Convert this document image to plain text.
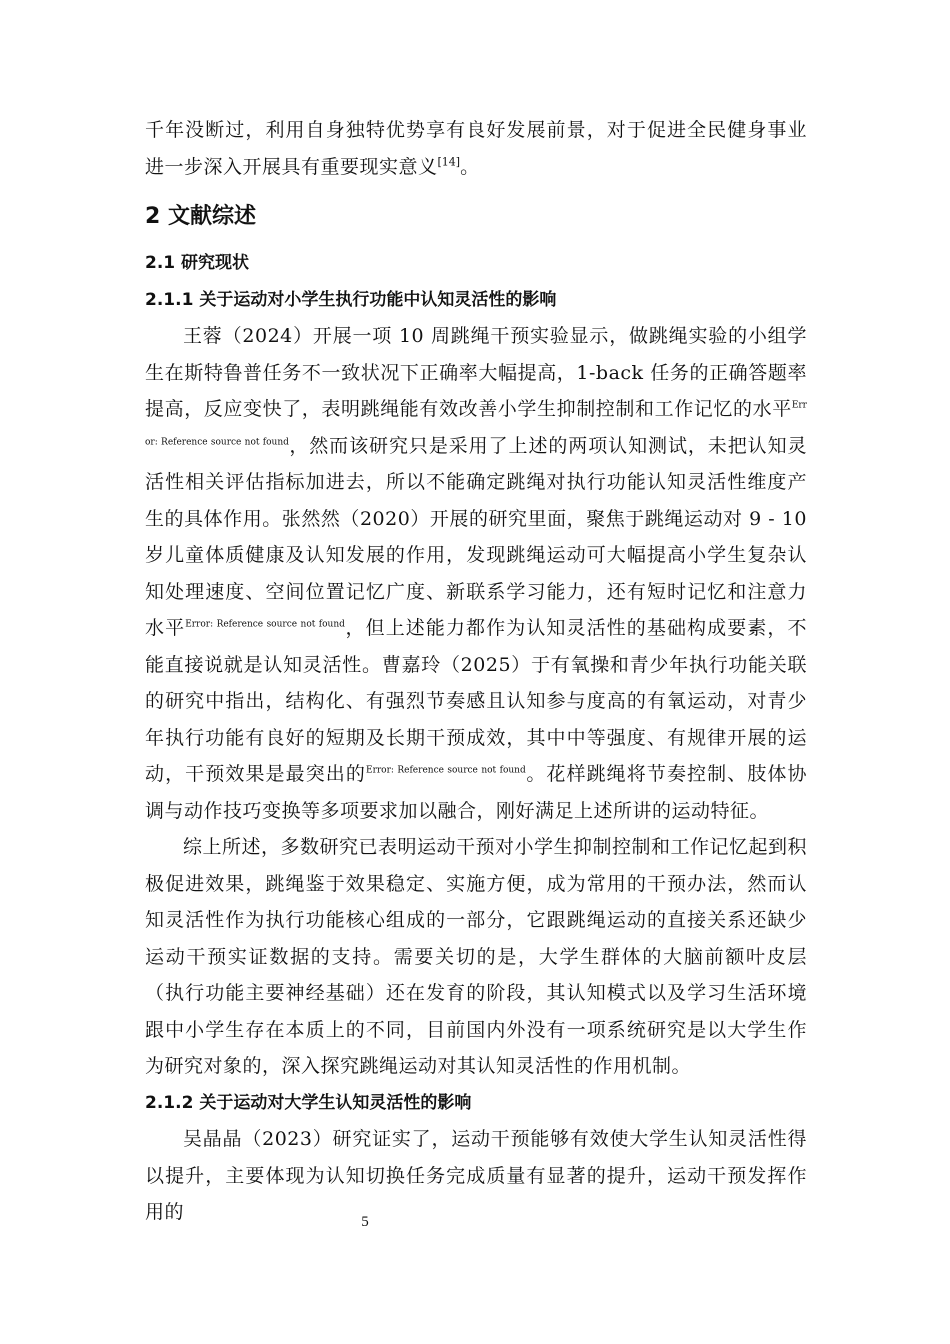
千年没断过，利用自身独特优势享有良好发展前景，对于促进全民健身事业进一步深入开展具有重要现实意义[14]。

2 文献综述
2.1 研究现状
2.1.1 关于运动对小学生执行功能中认知灵活性的影响

王蓉（2024）开展一项 10 周跳绳干预实验显示，做跳绳实验的小组学生在斯特鲁普任务不一致状况下正确率大幅提高，1-back 任务的正确答题率提高，反应变快了，表明跳绳能有效改善小学生抑制控制和工作记忆的水平$^{Error: Reference source not found}$，然而该研究只是采用了上述的两项认知测试，未把认知灵活性相关评估指标加进去，所以不能确定跳绳对执行功能认知灵活性维度产生的具体作用。张然然（2020）开展的研究里面，聚焦于跳绳运动对 9 - 10 岁儿童体质健康及认知发展的作用，发现跳绳运动可大幅提高小学生复杂认知处理速度、空间位置记忆广度、新联系学习能力，还有短时记忆和注意力水平$^{Error: Reference source not found}$，但上述能力都作为认知灵活性的基础构成要素，不能直接说就是认知灵活性。曹嘉玲（2025）于有氧操和青少年执行功能关联的研究中指出，结构化、有强烈节奏感且认知参与度高的有氧运动，对青少年执行功能有良好的短期及长期干预成效，其中中等强度、有规律开展的运动，干预效果是最突出的$^{Error: Reference source not found}$。花样跳绳将节奏控制、肢体协调与动作技巧变换等多项要求加以融合，刚好满足上述所讲的运动特征。

综上所述，多数研究已表明运动干预对小学生抑制控制和工作记忆起到积极促进效果，跳绳鉴于效果稳定、实施方便，成为常用的干预办法，然而认知灵活性作为执行功能核心组成的一部分，它跟跳绳运动的直接关系还缺少运动干预实证数据的支持。需要关切的是，大学生群体的大脑前额叶皮层（执行功能主要神经基础）还在发育的阶段，其认知模式以及学习生活环境跟中小学生存在本质上的不同，目前国内外没有一项系统研究是以大学生作为研究对象的，深入探究跳绳运动对其认知灵活性的作用机制。

2.1.2 关于运动对大学生认知灵活性的影响

吴晶晶（2023）研究证实了，运动干预能够有效使大学生认知灵活性得以提升，主要体现为认知切换任务完成质量有显著的提升，运动干预发挥作用的	5
